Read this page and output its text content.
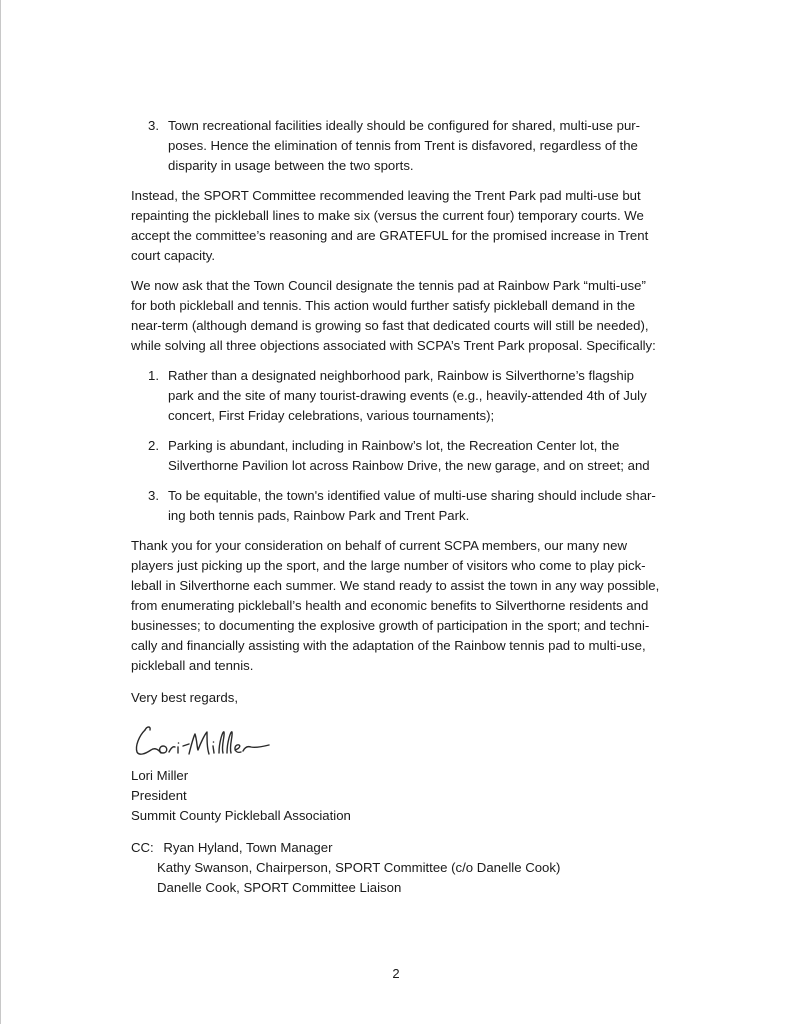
3. Town recreational facilities ideally should be configured for shared, multi-use pur-
poses. Hence the elimination of tennis from Trent is disfavored, regardless of the
disparity in usage between the two sports.

Instead, the SPORT Committee recommended leaving the Trent Park pad multi-use but
repainting the pickleball lines to make six (versus the current four) temporary courts. We
accept the committee’s reasoning and are GRATEFUL for the promised increase in Trent
court capacity.

We now ask that the Town Council designate the tennis pad at Rainbow Park “multi-use”
for both pickleball and tennis. This action would further satisfy pickleball demand in the
near-term (although demand is growing so fast that dedicated courts will still be needed),
while solving all three objections associated with SCPA’s Trent Park proposal. Specifically:

1. Rather than a designated neighborhood park, Rainbow is Silverthorne’s flagship
park and the site of many tourist-drawing events (e.g., heavily-attended 4th of July
concert, First Friday celebrations, various tournaments);
2. Parking is abundant, including in Rainbow’s lot, the Recreation Center lot, the
Silverthorne Pavilion lot across Rainbow Drive, the new garage, and on street; and
3. To be equitable, the town's identified value of multi-use sharing should include shar-
ing both tennis pads, Rainbow Park and Trent Park.

Thank you for your consideration on behalf of current SCPA members, our many new
players just picking up the sport, and the large number of visitors who come to play pick-
leball in Silverthorne each summer. We stand ready to assist the town in any way possible,
from enumerating pickleball’s health and economic benefits to Silverthorne residents and
businesses; to documenting the explosive growth of participation in the sport; and techni-
cally and financially assisting with the adaptation of the Rainbow tennis pad to multi-use,
pickleball and tennis.

Very best regards,

Lori Miller

President

Summit County Pickleball Association

CC: Ryan Hyland, Town Manager
Kathy Swanson, Chairperson, SPORT Committee (c/o Danelle Cook)
Danelle Cook, SPORT Committee Liaison
2
